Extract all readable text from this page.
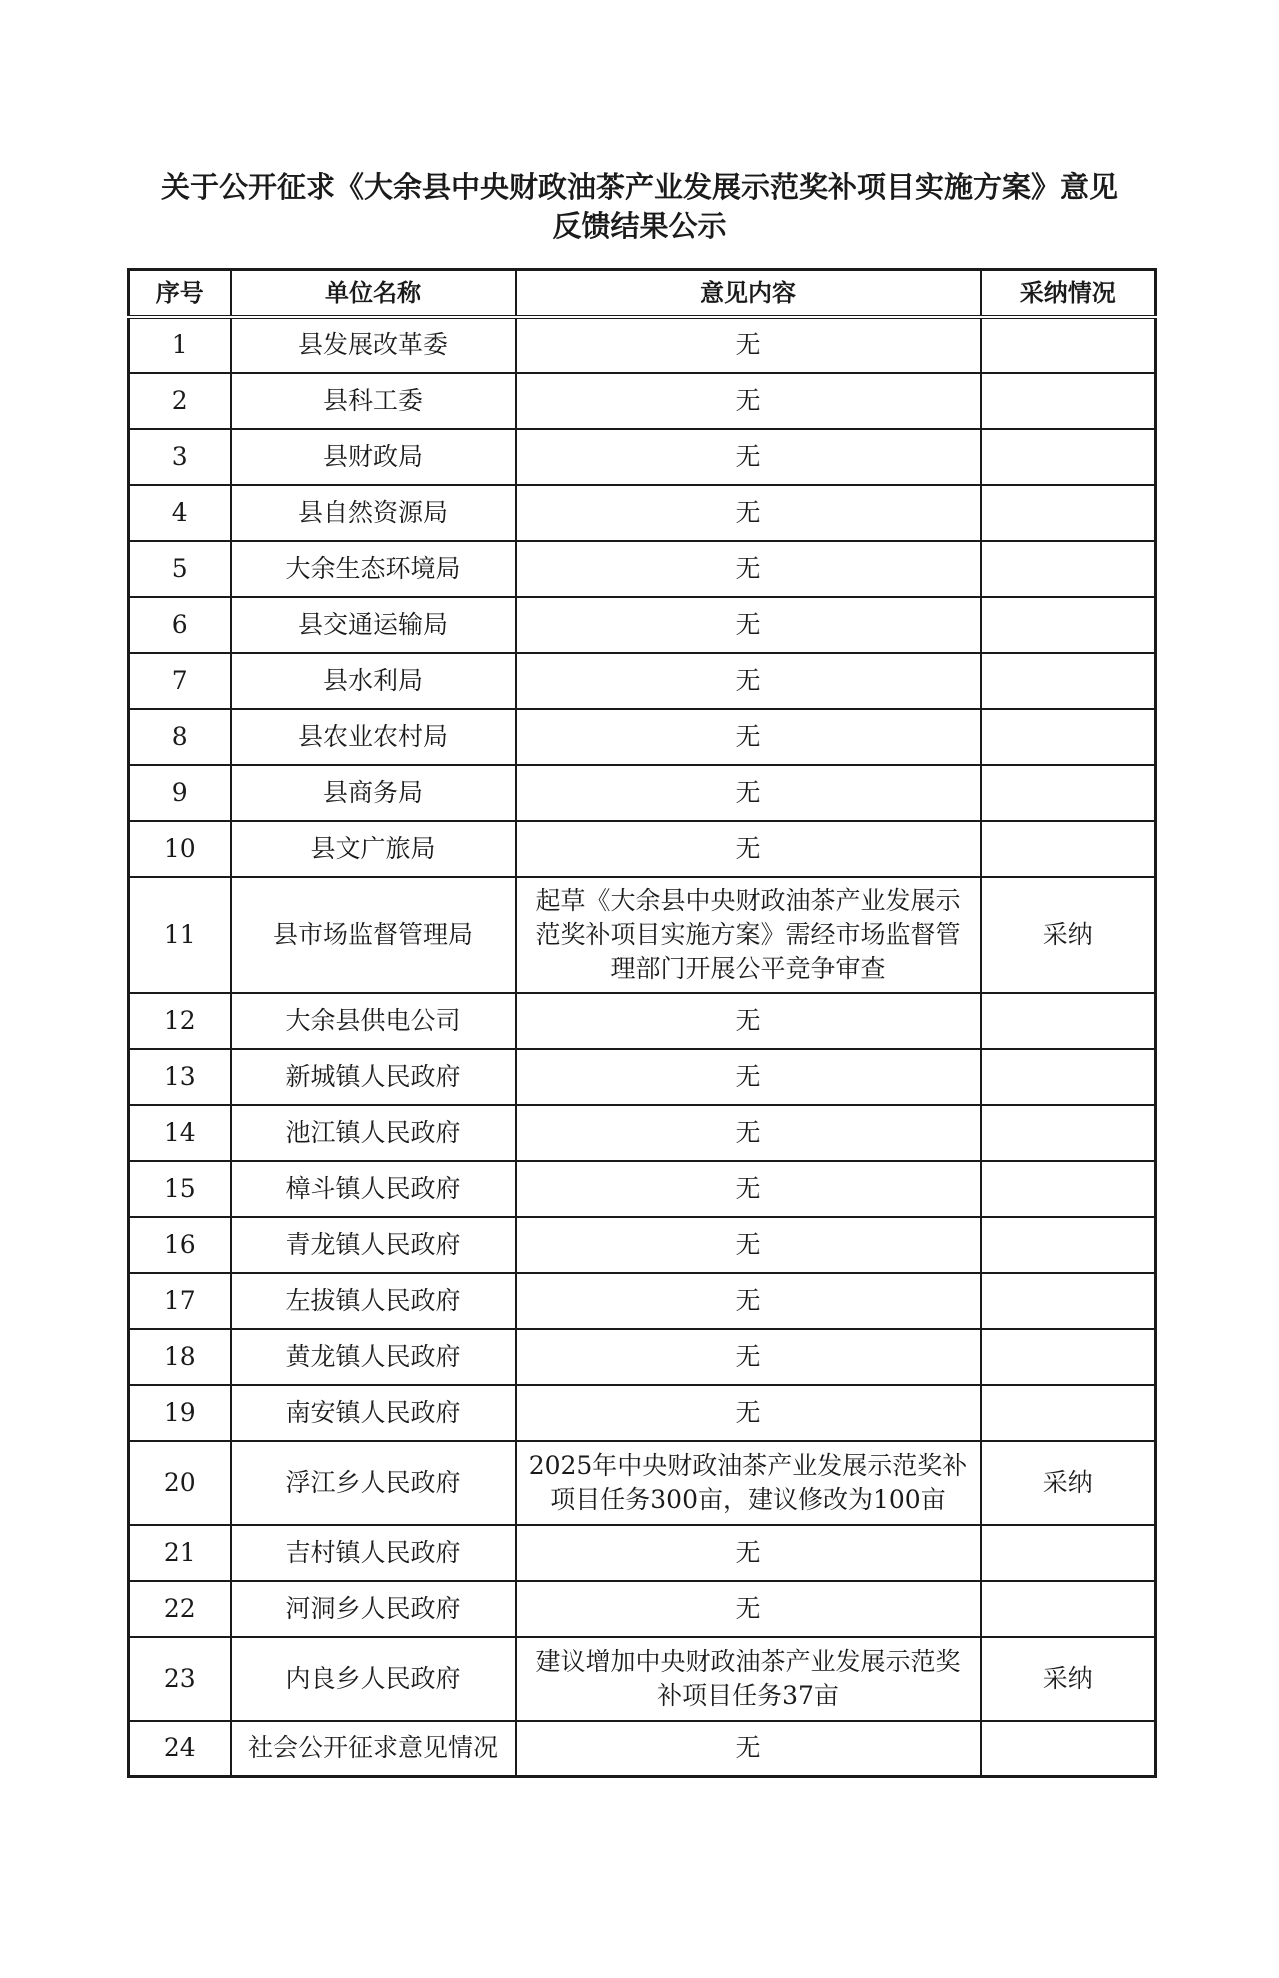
关于公开征求《大余县中央财政油茶产业发展示范奖补项目实施方案》意见
反馈结果公示
序号	单位名称	意见内容	采纳情况
1	县发展改革委	无	
2	县科工委	无	
3	县财政局	无	
4	县自然资源局	无	
5	大余生态环境局	无	
6	县交通运输局	无	
7	县水利局	无	
8	县农业农村局	无	
9	县商务局	无	
10	县文广旅局	无	
11	县市场监督管理局	起草《大余县中央财政油茶产业发展示范奖补项目实施方案》需经市场监督管理部门开展公平竞争审查	采纳
12	大余县供电公司	无	
13	新城镇人民政府	无	
14	池江镇人民政府	无	
15	樟斗镇人民政府	无	
16	青龙镇人民政府	无	
17	左拔镇人民政府	无	
18	黄龙镇人民政府	无	
19	南安镇人民政府	无	
20	浮江乡人民政府	2025年中央财政油茶产业发展示范奖补项目任务300亩，建议修改为100亩	采纳
21	吉村镇人民政府	无	
22	河洞乡人民政府	无	
23	内良乡人民政府	建议增加中央财政油茶产业发展示范奖补项目任务37亩	采纳
24	社会公开征求意见情况	无	
